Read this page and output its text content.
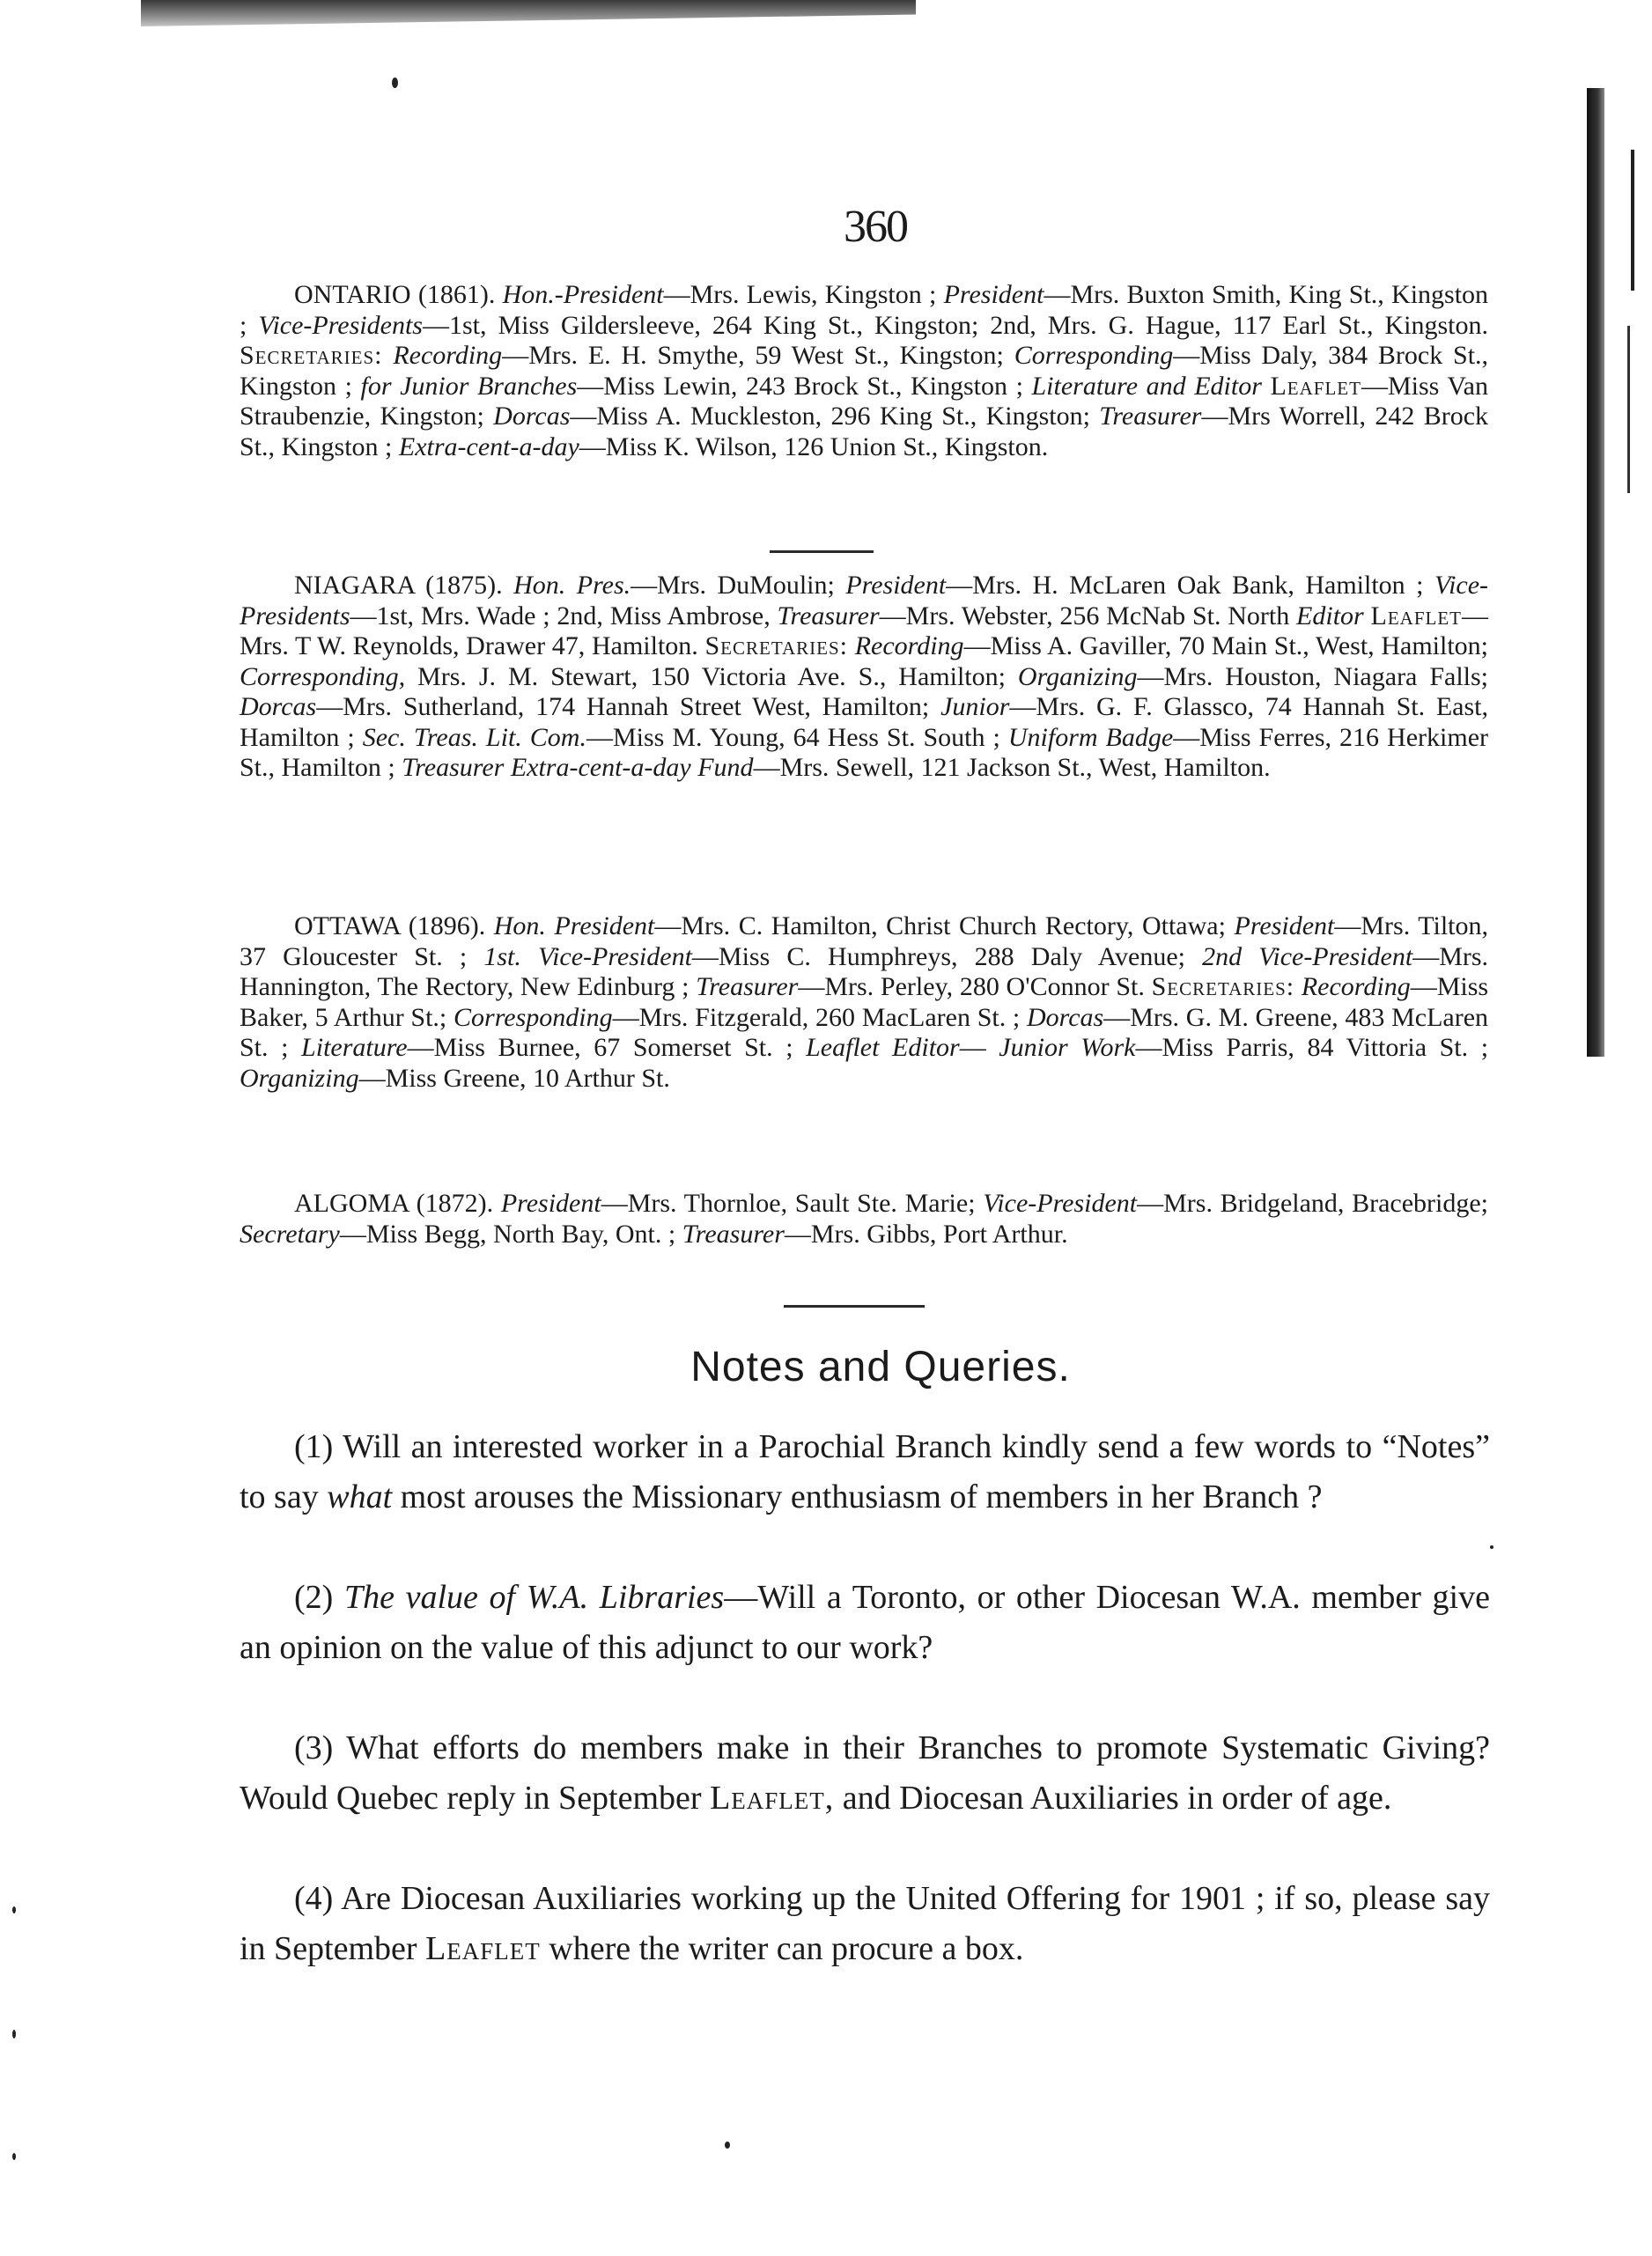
360

ONTARIO (1861). Hon.-President—Mrs. Lewis, Kingston ; President—Mrs. Buxton Smith, King St., Kingston ; Vice-Presidents—1st, Miss Gildersleeve, 264 King St., Kingston; 2nd, Mrs. G. Hague, 117 Earl St., Kingston. Secretaries: Recording—Mrs. E. H. Smythe, 59 West St., Kingston; Corresponding—Miss Daly, 384 Brock St., Kingston ; for Junior Branches—Miss Lewin, 243 Brock St., Kingston ; Literature and Editor Leaflet—Miss Van Straubenzie, Kingston; Dorcas—Miss A. Muckleston, 296 King St., Kingston; Treasurer—Mrs Worrell, 242 Brock St., Kingston ; Extra-cent-a-day—Miss K. Wilson, 126 Union St., Kingston.

NIAGARA (1875). Hon. Pres.—Mrs. DuMoulin; President—Mrs. H. McLaren Oak Bank, Hamilton ; Vice-Presidents—1st, Mrs. Wade ; 2nd, Miss Ambrose, Treasurer—Mrs. Webster, 256 McNab St. North Editor Leaflet—Mrs. T W. Reynolds, Drawer 47, Hamilton. Secretaries: Recording—Miss A. Gaviller, 70 Main St., West, Hamilton; Corresponding, Mrs. J. M. Stewart, 150 Victoria Ave. S., Hamilton; Organizing—Mrs. Houston, Niagara Falls; Dorcas—Mrs. Sutherland, 174 Hannah Street West, Hamilton; Junior—Mrs. G. F. Glassco, 74 Hannah St. East, Hamilton ; Sec. Treas. Lit. Com.—Miss M. Young, 64 Hess St. South ; Uniform Badge—Miss Ferres, 216 Herkimer St., Hamilton ; Treasurer Extra-cent-a-day Fund—Mrs. Sewell, 121 Jackson St., West, Hamilton.

OTTAWA (1896). Hon. President—Mrs. C. Hamilton, Christ Church Rectory, Ottawa; President—Mrs. Tilton, 37 Gloucester St. ; 1st. Vice-President—Miss C. Humphreys, 288 Daly Avenue; 2nd Vice-President—Mrs. Hannington, The Rectory, New Edinburg ; Treasurer—Mrs. Perley, 280 O'Connor St. Secretaries: Recording—Miss Baker, 5 Arthur St.; Corresponding—Mrs. Fitzgerald, 260 MacLaren St. ; Dorcas—Mrs. G. M. Greene, 483 McLaren St. ; Literature—Miss Burnee, 67 Somerset St. ; Leaflet Editor— Junior Work—Miss Parris, 84 Vittoria St. ; Organizing—Miss Greene, 10 Arthur St.

ALGOMA (1872). President—Mrs. Thornloe, Sault Ste. Marie; Vice-President—Mrs. Bridgeland, Bracebridge; Secretary—Miss Begg, North Bay, Ont. ; Treasurer—Mrs. Gibbs, Port Arthur.

Notes and Queries.

(1) Will an interested worker in a Parochial Branch kindly send a few words to “Notes” to say what most arouses the Missionary enthusiasm of members in her Branch ?

(2) The value of W.A. Libraries—Will a Toronto, or other Diocesan W.A. member give an opinion on the value of this adjunct to our work?

(3) What efforts do members make in their Branches to promote Systematic Giving? Would Quebec reply in September Leaflet, and Diocesan Auxiliaries in order of age.

(4) Are Diocesan Auxiliaries working up the United Offering for 1901 ; if so, please say in September Leaflet where the writer can procure a box.
